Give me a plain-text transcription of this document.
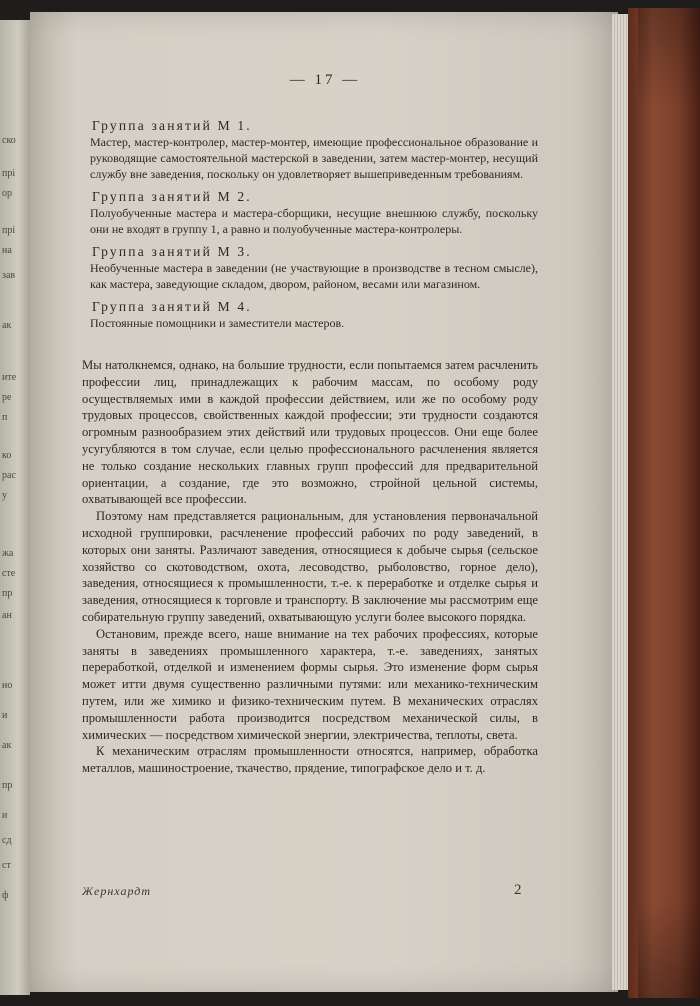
ско
прі
ор
прі
на
зав
ак
ите
ре
п
ко
рас
у
жа
сте
пр
ан
но
и
ак
пр
и
сд
ст
ф
— 17 —
Группа занятий М 1.
Мастер, мастер-контролер, мастер-монтер, имеющие профессиональное образование и руководящие самостоятельной мастерской в заведении, затем мастер-монтер, несущий службу вне заведения, поскольку он удовлетворяет вышеприведенным требованиям.
Группа занятий М 2.
Полуобученные мастера и мастера-сборщики, несущие внешнюю службу, поскольку они не входят в группу 1, а равно и полуобученные мастера-контролеры.
Группа занятий М 3.
Необученные мастера в заведении (не участвующие в производстве в тесном смысле), как мастера, заведующие складом, двором, районом, весами или магазином.
Группа занятий М 4.
Постоянные помощники и заместители мастеров.

Мы натолкнемся, однако, на большие трудности, если попытаемся затем расчленить профессии лиц, принадлежащих к рабочим массам, по особому роду осуществляемых ими в каждой профессии действием, или же по особому роду трудовых процессов, свойственных каждой профессии; эти трудности создаются огромным разнообразием этих действий или трудовых процессов. Они еще более усугубляются в том случае, если целью профессионального расчленения является не только создание нескольких главных групп профессий для предварительной ориентации, а создание, где это возможно, стройной цельной системы, охватывающей все профессии.

Поэтому нам представляется рациональным, для установления первоначальной исходной группировки, расчленение профессий рабочих по роду заведений, в которых они заняты. Различают заведения, относящиеся к добыче сырья (сельское хозяйство со скотоводством, охота, лесоводство, рыболовство, горное дело), заведения, относящиеся к промышленности, т.-е. к переработке и отделке сырья и заведения, относящиеся к торговле и транспорту. В заключение мы рассмотрим еще собирательную группу заведений, охватывающую услуги более высокого порядка.

Остановим, прежде всего, наше внимание на тех рабочих профессиях, которые заняты в заведениях промышленного характера, т.-е. заведениях, занятых переработкой, отделкой и изменением формы сырья. Это изменение форм сырья может итти двумя существенно различными путями: или механико-техническим путем, или же химико и физико-техническим путем. В механических отраслях промышленности работа производится посредством механической силы, в химических — посредством химической энергии, электричества, теплоты, света.

К механическим отраслям промышленности относятся, например, обработка металлов, машиностроение, ткачество, прядение, типографское дело и т. д.

Жернхардт	2
